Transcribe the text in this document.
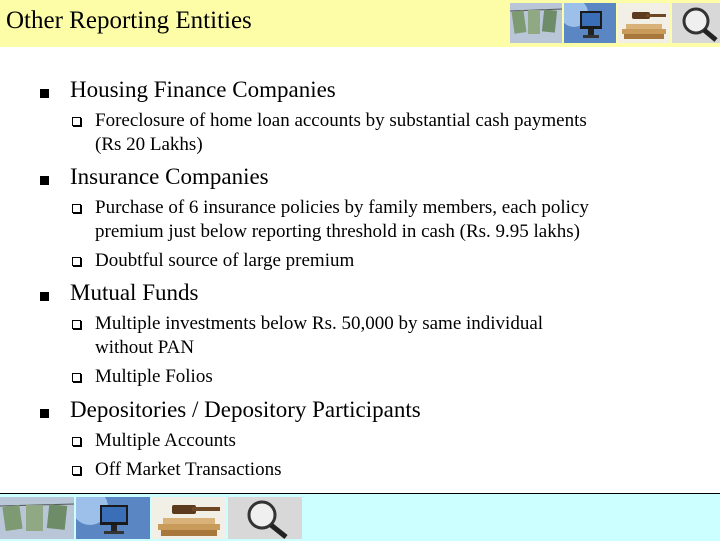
Other Reporting Entities
Housing Finance Companies
Foreclosure of home loan accounts by substantial cash payments
(Rs 20 Lakhs)
Insurance Companies
Purchase of 6 insurance policies by family members, each policy
premium just below reporting threshold in cash (Rs. 9.95 lakhs)
Doubtful source of large premium
Mutual Funds
Multiple investments below Rs. 50,000 by same individual
without PAN
Multiple Folios
Depositories / Depository Participants
Multiple Accounts
Off Market Transactions
